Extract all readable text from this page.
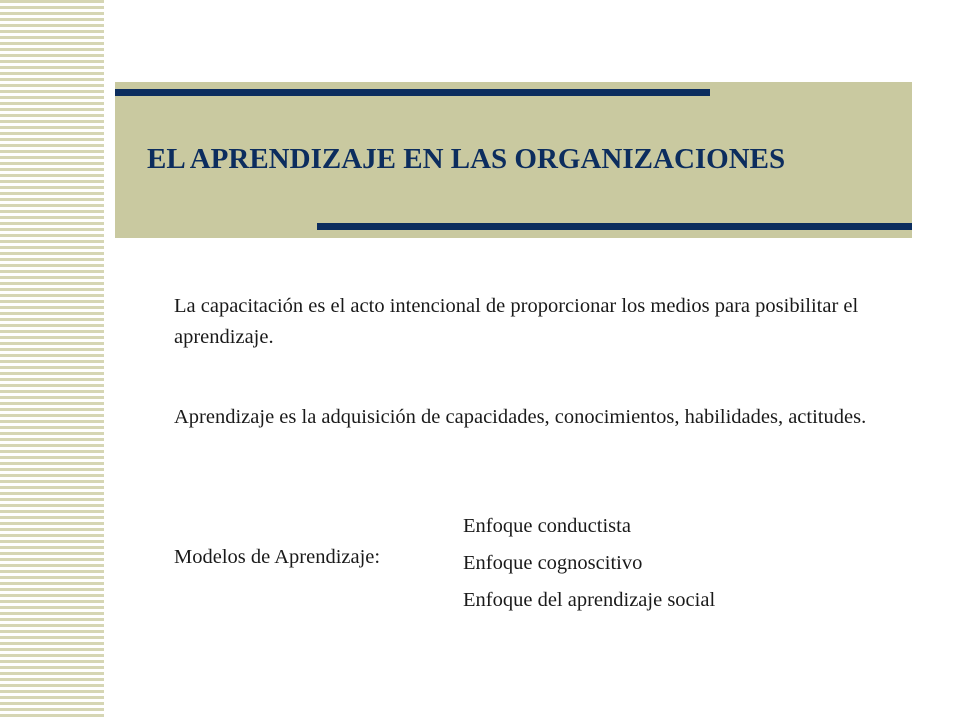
EL APRENDIZAJE EN LAS ORGANIZACIONES
La capacitación es el acto intencional de proporcionar los medios para posibilitar el aprendizaje.
Aprendizaje es la adquisición de capacidades, conocimientos, habilidades, actitudes.
Modelos de Aprendizaje:
Enfoque conductista
Enfoque cognoscitivo
Enfoque del aprendizaje social
